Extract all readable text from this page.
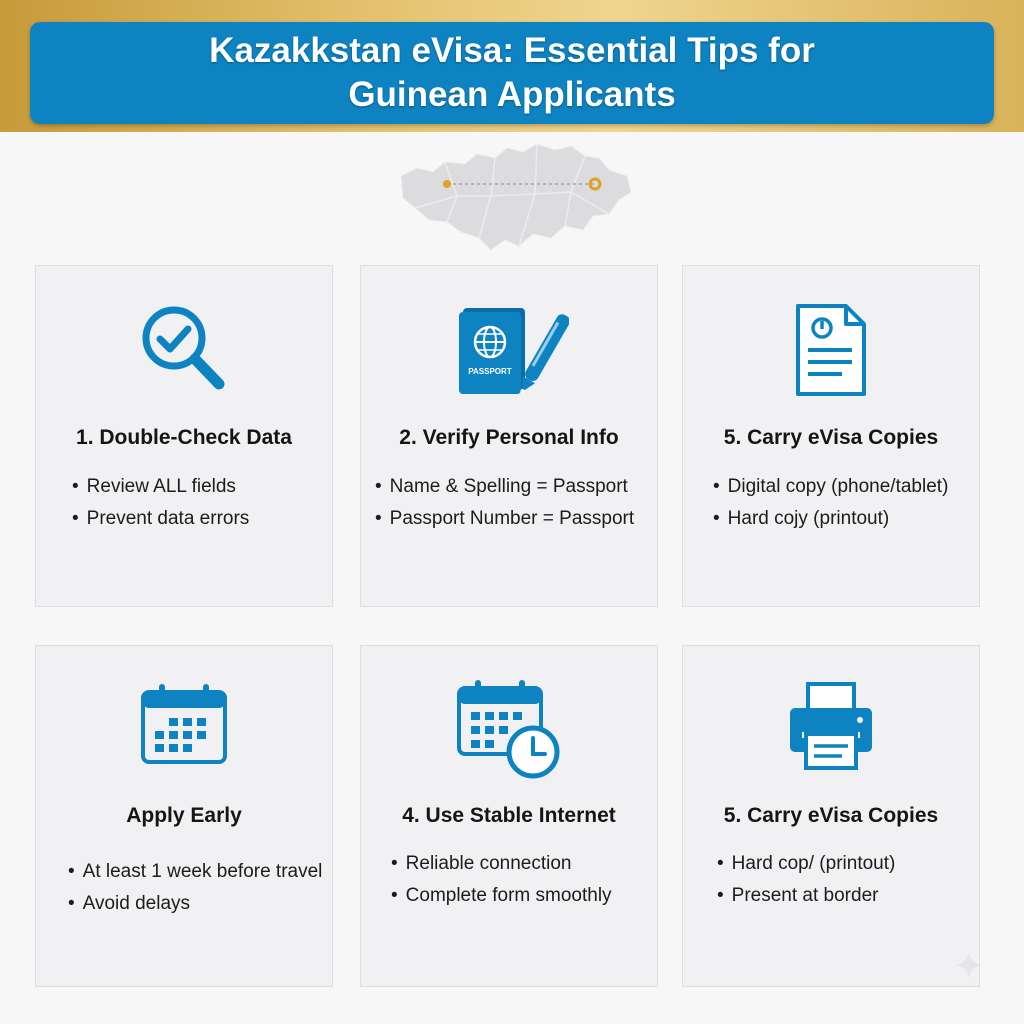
Kazakkstan eVisa: Essential Tips for Guinean Applicants
1. Double-Check Data
• Review ALL fields
• Prevent data errors
PASSPORT
2. Verify Personal Info
• Name & Spelling = Passport
• Passport Number = Passport
5. Carry eVisa Copies
• Digital copy (phone/tablet)
• Hard cojy (printout)
Apply Early
• At least 1 week before travel
• Avoid delays
4. Use Stable Internet
• Reliable connection
• Complete form smoothly
5. Carry eVisa Copies
• Hard cop/ (printout)
• Present at border
